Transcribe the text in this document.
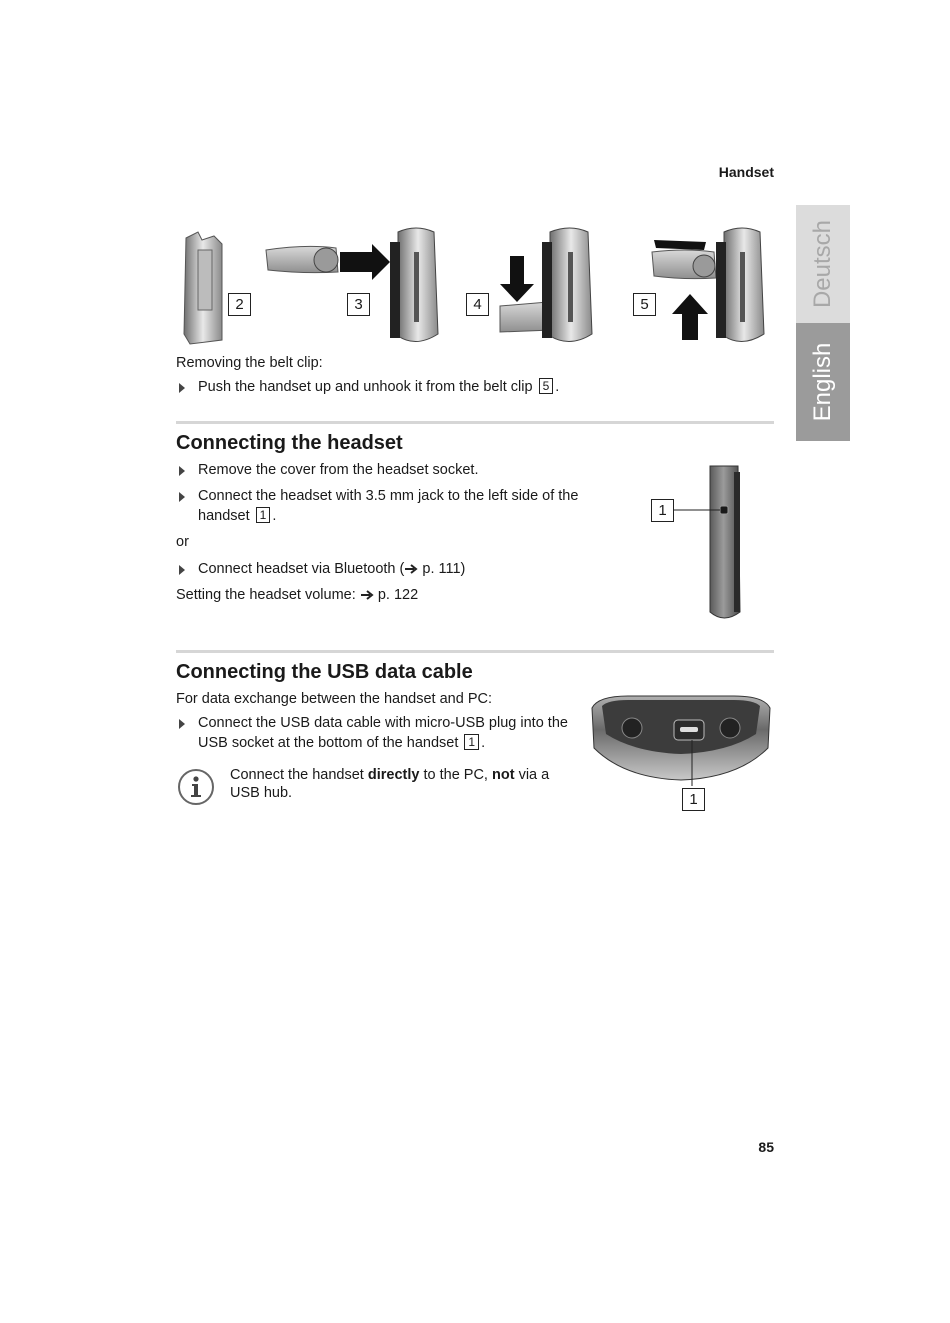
Handset
Deutsch
English
2	3	4	5
Removing the belt clip:
Push the handset up and unhook it from the belt clip 5 .
Connecting the headset
Remove the cover from the headset socket.
Connect the headset with 3.5 mm jack to the left side of the handset 1 .
or
Connect headset via Bluetooth ( p. 111)
Setting the headset volume: p. 122
1
Connecting the USB data cable
For data exchange between the handset and PC:
Connect the USB data cable with micro-USB plug into the USB socket at the bottom of the handset 1 .
Connect the handset directly to the PC, not via a USB hub.	1
85
